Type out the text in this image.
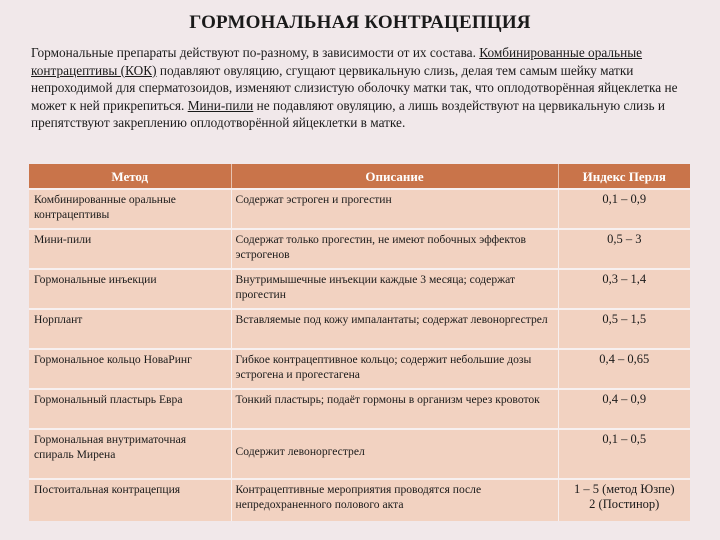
ГОРМОНАЛЬНАЯ КОНТРАЦЕПЦИЯ
Гормональные препараты действуют по-разному, в зависимости от их состава. Комбинированные оральные контрацептивы (КОК) подавляют овуляцию, сгущают цервикальную слизь, делая тем самым шейку матки непроходимой для сперматозоидов, изменяют слизистую оболочку матки так, что оплодотворённая яйцеклетка не может к ней прикрепиться. Мини-пили не подавляют овуляцию, а лишь воздействуют на цервикальную слизь и препятствуют закреплению оплодотворённой яйцеклетки в матке.
Метод	Описание	Индекс Перля
Комбинированные оральные контрацептивы	Содержат эстроген и прогестин	0,1 – 0,9
Мини-пили	Содержат только прогестин, не имеют побочных эффектов эстрогенов	0,5 – 3
Гормональные инъекции	Внутримышечные инъекции каждые 3 месяца; содержат прогестин	0,3 – 1,4
Норплант	Вставляемые под кожу импалантаты; содержат левоноргестрел	0,5 – 1,5
Гормональное кольцо НоваРинг	Гибкое контрацептивное кольцо; содержит небольшие дозы эстрогена и прогестагена	0,4 – 0,65
Гормональный пластырь Евра	Тонкий пластырь; подаёт гормоны в организм через кровоток	0,4 – 0,9
Гормональная внутриматочная спираль Мирена	Содержит левоноргестрел	0,1 – 0,5
Постоитальная контрацепция	Контрацептивные мероприятия проводятся после непредохраненного полового акта	1 – 5 (метод Юзпе)
2 (Постинор)
